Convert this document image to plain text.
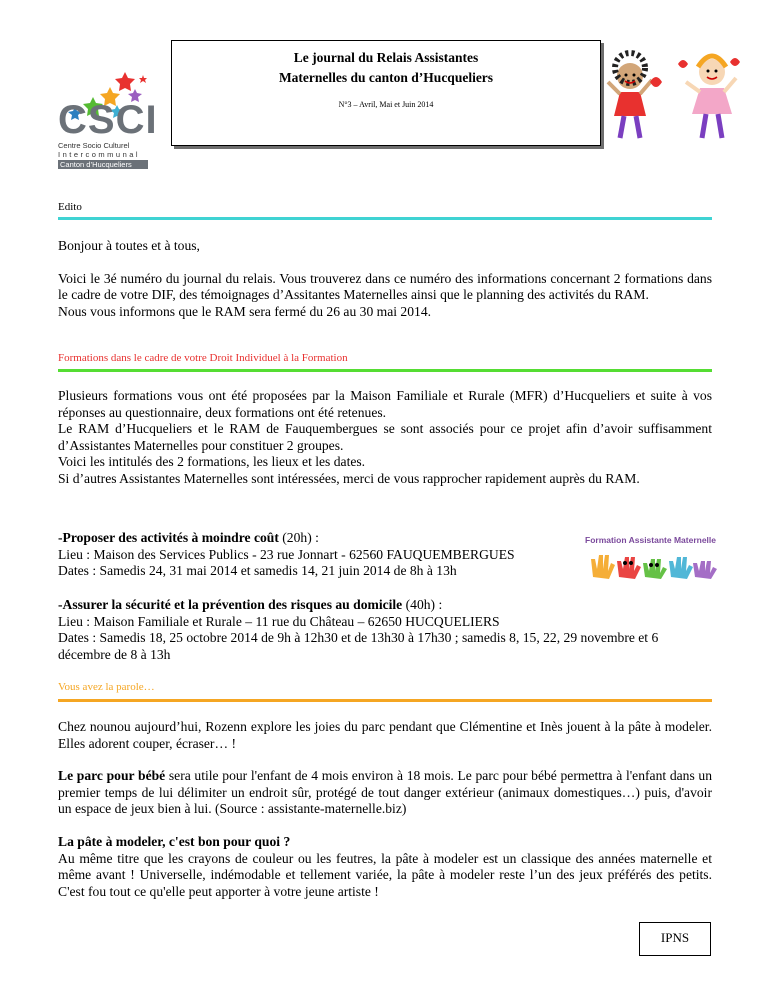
CSCI
Centre Socio Culturel
Intercommunal
Canton d’Hucqueliers
Le journal du Relais Assistantes
Maternelles du canton d’Hucqueliers
N°3 – Avril, Mai et Juin 2014
Edito

Bonjour à toutes et à tous,

Voici le 3é numéro du journal du relais. Vous trouverez dans ce numéro des informations concernant 2 formations dans le cadre de votre DIF, des témoignages d’Assitantes Maternelles ainsi que le planning des activités du RAM.

Nous vous informons que le RAM sera fermé du 26 au 30 mai 2014.

Formations dans le cadre de votre Droit Individuel à la Formation

Plusieurs formations vous ont été proposées par la Maison Familiale et Rurale (MFR) d’Hucqueliers et suite à vos réponses au questionnaire, deux formations ont été retenues.

Le RAM d’Hucqueliers et le RAM de Fauquembergues se sont associés pour ce projet afin d’avoir suffisamment d’Assistantes Maternelles pour constituer 2 groupes.

Voici les intitulés des 2 formations, les lieux et les dates.

Si d’autres Assistantes Maternelles sont intéressées, merci de vous rapprocher rapidement auprès du RAM.

-Proposer des activités à moindre coût (20h) :

Lieu : Maison des Services Publics - 23 rue Jonnart - 62560 FAUQUEMBERGUES

Dates : Samedis 24, 31 mai 2014 et samedis 14, 21 juin 2014 de 8h à 13h

Formation Assistante Maternelle

-Assurer la sécurité et la prévention des risques au domicile (40h) :

Lieu : Maison Familiale et Rurale – 11 rue du Château – 62650 HUCQUELIERS

Dates : Samedis 18, 25 octobre 2014 de 9h à 12h30 et de 13h30 à 17h30 ; samedis 8, 15, 22, 29 novembre et 6 décembre de 8 à 13h

Vous avez la parole…

Chez nounou aujourd’hui, Rozenn explore les joies du parc pendant que Clémentine et Inès jouent à la pâte à modeler. Elles adorent couper, écraser… !

Le parc pour bébé sera utile pour l'enfant de 4 mois environ à 18 mois. Le parc pour bébé permettra à l'enfant dans un premier temps de lui délimiter un endroit sûr, protégé de tout danger extérieur (animaux domestiques…) puis, d'avoir un espace de jeux bien à lui. (Source : assistante-maternelle.biz)

La pâte à modeler, c'est bon pour quoi ?

Au même titre que les crayons de couleur ou les feutres, la pâte à modeler est un classique des années maternelle et même avant ! Universelle, indémodable et tellement variée, la pâte à modeler reste l’un des jeux préférés des petits. C'est fou tout ce qu'elle peut apporter à votre jeune artiste !

IPNS
